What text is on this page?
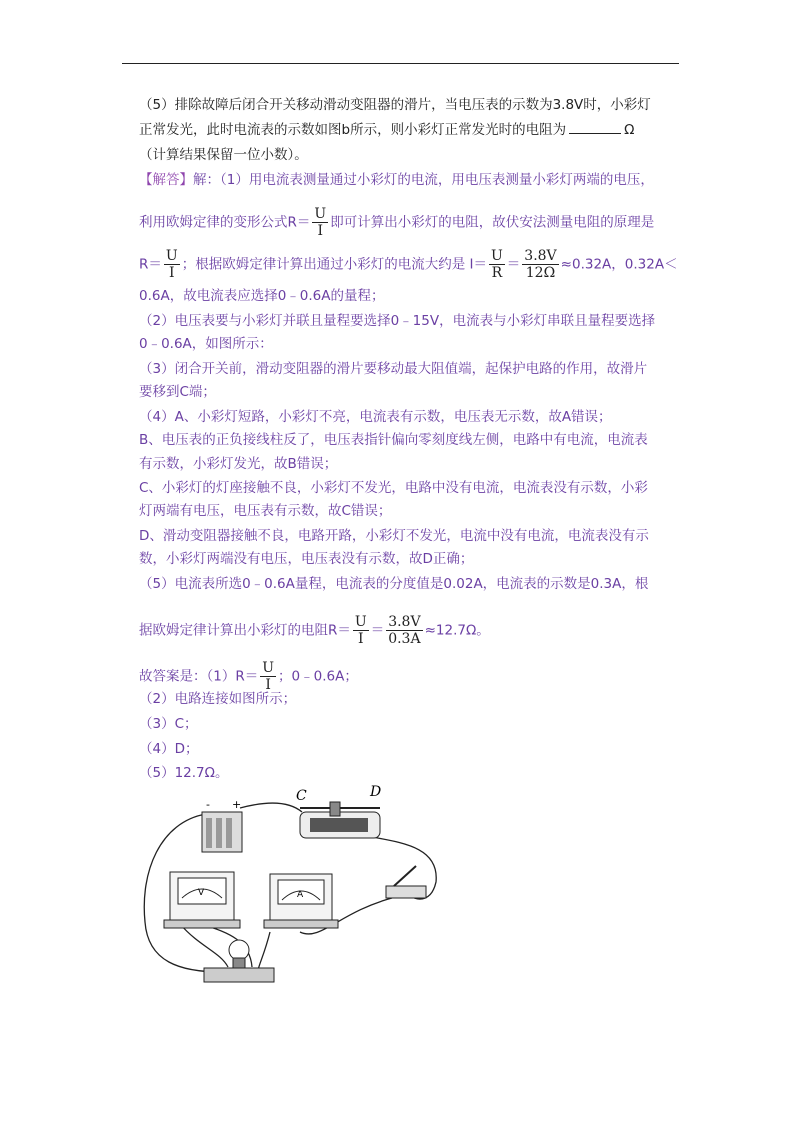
（5）排除故障后闭合开关移动滑动变阻器的滑片，当电压表的示数为3.8V时，小彩灯
正常发光，此时电流表的示数如图b所示，则小彩灯正常发光时的电阻为	Ω
（计算结果保留一位小数）。
【解答】解：（1）用电流表测量通过小彩灯的电流，用电压表测量小彩灯两端的电压，
利用欧姆定律的变形公式$R= \frac{U}{I}$ 即可计算出小彩灯的电阻，故伏安法测量电阻的原理是
$R= \frac{U}{I}$ ；根据欧姆定律计算出通过小彩灯的电流大约是 $I= \frac{U}{R} = \frac{3.8V}{12\Omega} \approx 0.32A$，0.32A＜
0.6A，故电流表应选择0﹣0.6A的量程；
（2）电压表要与小彩灯并联且量程要选择0﹣15V，电流表与小彩灯串联且量程要选择
0﹣0.6A，如图所示：
（3）闭合开关前，滑动变阻器的滑片要移动最大阻值端，起保护电路的作用，故滑片
要移到C端；
（4）A、小彩灯短路，小彩灯不亮，电流表有示数，电压表无示数，故A错误；
B、电压表的正负接线柱反了，电压表指针偏向零刻度线左侧，电路中有电流，电流表
有示数，小彩灯发光，故B错误；
C、小彩灯的灯座接触不良，小彩灯不发光，电路中没有电流，电流表没有示数，小彩
灯两端有电压，电压表有示数，故C错误；
D、滑动变阻器接触不良，电路开路，小彩灯不发光，电流中没有电流，电流表没有示
数，小彩灯两端没有电压，电压表没有示数，故D正确；
（5）电流表所选0﹣0.6A量程，电流表的分度值是0.02A，电流表的示数是0.3A，根
据欧姆定律计算出小彩灯的电阻$R= \frac{U}{I} = \frac{3.8V}{0.3A} \approx 12.7\Omega$。
故答案是：$(1)R= \frac{U}{I}$ ；0﹣0.6A；
（2）电路连接如图所示；
（3）C；
（4）D；
（5）12.7Ω。
- +
C	D
V	A
